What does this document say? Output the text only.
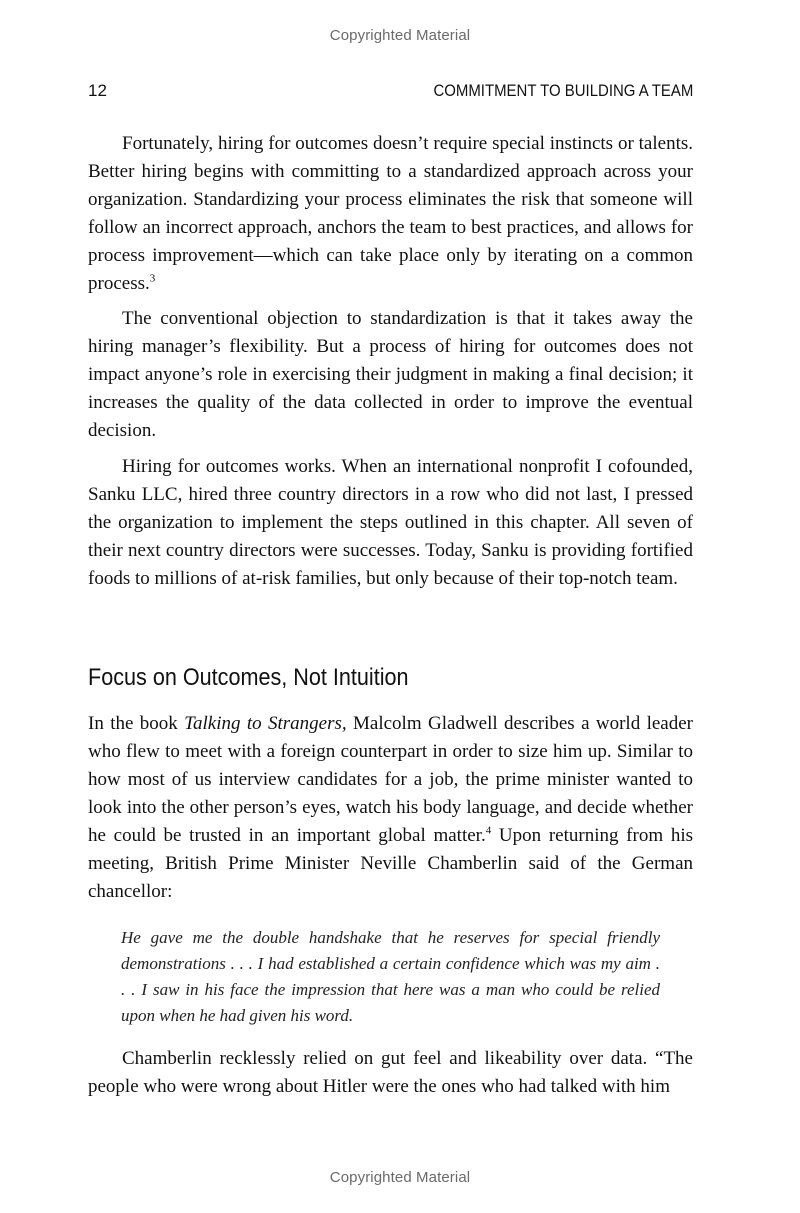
Copyrighted Material
12	COMMITMENT TO BUILDING A TEAM

Fortunately, hiring for outcomes doesn’t require special instincts or talents. Better hiring begins with committing to a standardized approach across your organization. Standardizing your process eliminates the risk that someone will follow an incorrect approach, anchors the team to best practices, and allows for process improvement—which can take place only by iterating on a common process.$^3$

The conventional objection to standardization is that it takes away the hiring manager’s flexibility. But a process of hiring for outcomes does not impact anyone’s role in exercising their judgment in making a final decision; it increases the quality of the data collected in order to improve the eventual decision.

Hiring for outcomes works. When an international nonprofit I cofounded, Sanku LLC, hired three country directors in a row who did not last, I pressed the organization to implement the steps outlined in this chapter. All seven of their next country directors were successes. Today, Sanku is providing fortified foods to millions of at-risk families, but only because of their top-notch team.

Focus on Outcomes, Not Intuition

In the book Talking to Strangers, Malcolm Gladwell describes a world leader who flew to meet with a foreign counterpart in order to size him up. Similar to how most of us interview candidates for a job, the prime minister wanted to look into the other person’s eyes, watch his body language, and decide whether he could be trusted in an important global matter.$^4$ Upon returning from his meeting, British Prime Minister Neville Chamberlin said of the German chancellor:

He gave me the double handshake that he reserves for special friendly demonstrations . . . I had established a certain confidence which was my aim . . . I saw in his face the impression that here was a man who could be relied upon when he had given his word.

Chamberlin recklessly relied on gut feel and likeability over data. “The people who were wrong about Hitler were the ones who had talked with him

Copyrighted Material
